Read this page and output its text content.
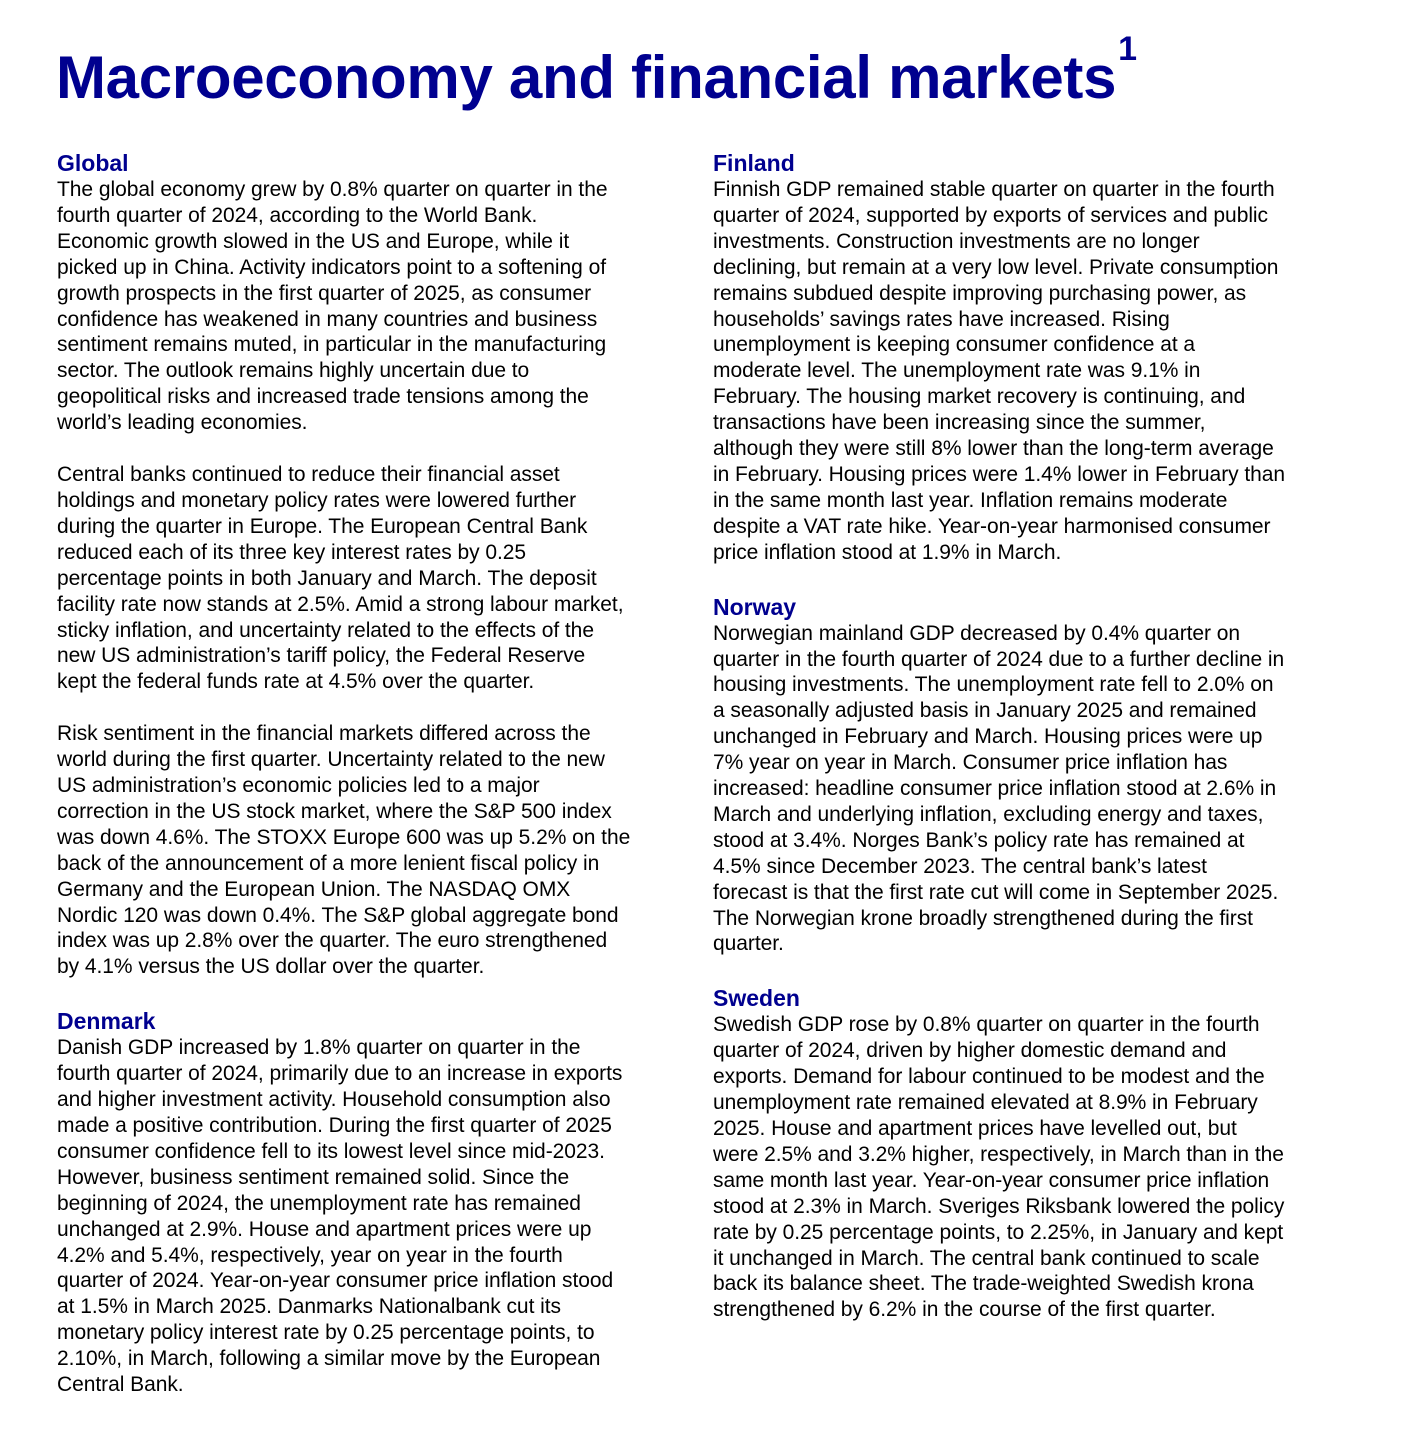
Macroeconomy and financial markets$^1$
Global

The global economy grew by 0.8% quarter on quarter in the
fourth quarter of 2024, according to the World Bank.
Economic growth slowed in the US and Europe, while it
picked up in China. Activity indicators point to a softening of
growth prospects in the first quarter of 2025, as consumer
confidence has weakened in many countries and business
sentiment remains muted, in particular in the manufacturing
sector. The outlook remains highly uncertain due to
geopolitical risks and increased trade tensions among the
world’s leading economies.

Central banks continued to reduce their financial asset
holdings and monetary policy rates were lowered further
during the quarter in Europe. The European Central Bank
reduced each of its three key interest rates by 0.25
percentage points in both January and March. The deposit
facility rate now stands at 2.5%. Amid a strong labour market,
sticky inflation, and uncertainty related to the effects of the
new US administration’s tariff policy, the Federal Reserve
kept the federal funds rate at 4.5% over the quarter.

Risk sentiment in the financial markets differed across the
world during the first quarter. Uncertainty related to the new
US administration’s economic policies led to a major
correction in the US stock market, where the S&P 500 index
was down 4.6%. The STOXX Europe 600 was up 5.2% on the
back of the announcement of a more lenient fiscal policy in
Germany and the European Union. The NASDAQ OMX
Nordic 120 was down 0.4%. The S&P global aggregate bond
index was up 2.8% over the quarter. The euro strengthened
by 4.1% versus the US dollar over the quarter.

Denmark

Danish GDP increased by 1.8% quarter on quarter in the
fourth quarter of 2024, primarily due to an increase in exports
and higher investment activity. Household consumption also
made a positive contribution. During the first quarter of 2025
consumer confidence fell to its lowest level since mid-2023.
However, business sentiment remained solid. Since the
beginning of 2024, the unemployment rate has remained
unchanged at 2.9%. House and apartment prices were up
4.2% and 5.4%, respectively, year on year in the fourth
quarter of 2024. Year-on-year consumer price inflation stood
at 1.5% in March 2025. Danmarks Nationalbank cut its
monetary policy interest rate by 0.25 percentage points, to
2.10%, in March, following a similar move by the European
Central Bank.

Finland

Finnish GDP remained stable quarter on quarter in the fourth
quarter of 2024, supported by exports of services and public
investments. Construction investments are no longer
declining, but remain at a very low level. Private consumption
remains subdued despite improving purchasing power, as
households’ savings rates have increased. Rising
unemployment is keeping consumer confidence at a
moderate level. The unemployment rate was 9.1% in
February. The housing market recovery is continuing, and
transactions have been increasing since the summer,
although they were still 8% lower than the long-term average
in February. Housing prices were 1.4% lower in February than
in the same month last year. Inflation remains moderate
despite a VAT rate hike. Year-on-year harmonised consumer
price inflation stood at 1.9% in March.

Norway

Norwegian mainland GDP decreased by 0.4% quarter on
quarter in the fourth quarter of 2024 due to a further decline in
housing investments. The unemployment rate fell to 2.0% on
a seasonally adjusted basis in January 2025 and remained
unchanged in February and March. Housing prices were up
7% year on year in March. Consumer price inflation has
increased: headline consumer price inflation stood at 2.6% in
March and underlying inflation, excluding energy and taxes,
stood at 3.4%. Norges Bank’s policy rate has remained at
4.5% since December 2023. The central bank’s latest
forecast is that the first rate cut will come in September 2025.
The Norwegian krone broadly strengthened during the first
quarter.

Sweden

Swedish GDP rose by 0.8% quarter on quarter in the fourth
quarter of 2024, driven by higher domestic demand and
exports. Demand for labour continued to be modest and the
unemployment rate remained elevated at 8.9% in February
2025. House and apartment prices have levelled out, but
were 2.5% and 3.2% higher, respectively, in March than in the
same month last year. Year-on-year consumer price inflation
stood at 2.3% in March. Sveriges Riksbank lowered the policy
rate by 0.25 percentage points, to 2.25%, in January and kept
it unchanged in March. The central bank continued to scale
back its balance sheet. The trade-weighted Swedish krona
strengthened by 6.2% in the course of the first quarter.
